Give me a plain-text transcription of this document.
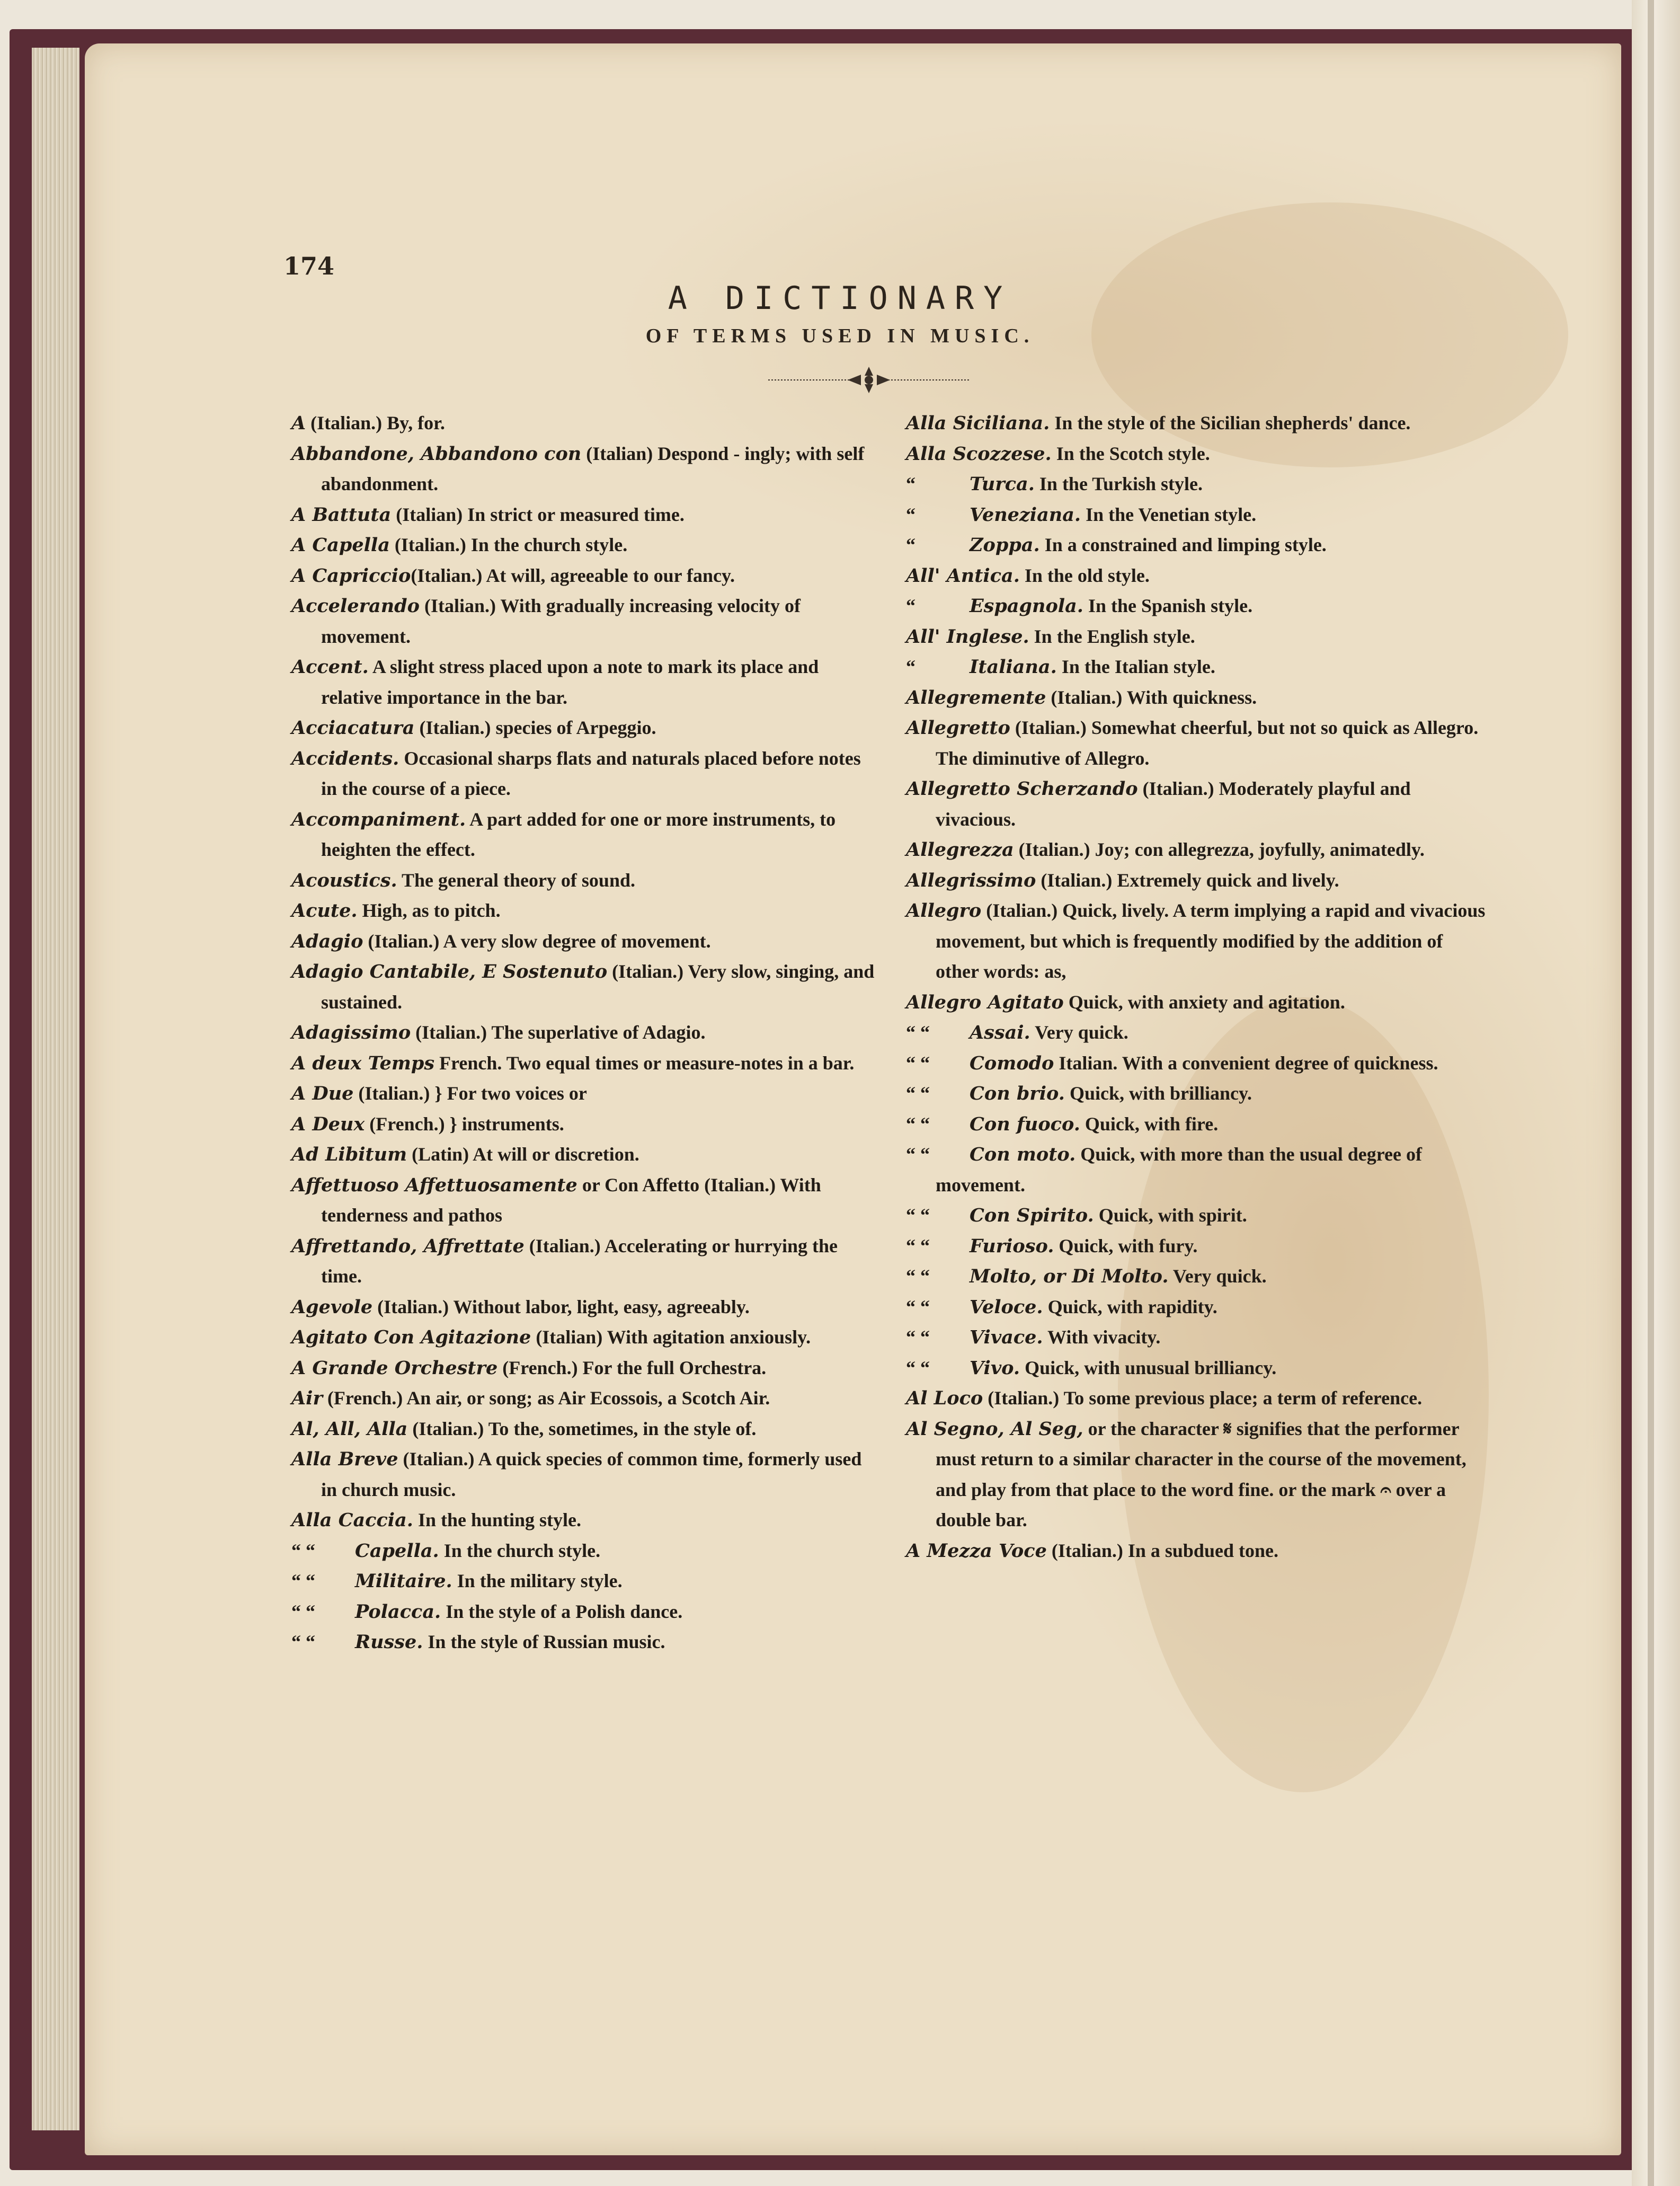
174
A DICTIONARY
OF TERMS USED IN MUSIC.
A (Italian.) By, for.
Abbandone, Abbandono con (Italian) Despond - ingly; with self abandonment.
A Battuta (Italian) In strict or measured time.
A Capella (Italian.) In the church style.
A Capriccio(Italian.) At will, agreeable to our fancy.
Accelerando (Italian.) With gradually increasing velocity of movement.
Accent. A slight stress placed upon a note to mark its place and relative importance in the bar.
Acciacatura (Italian.) species of Arpeggio.
Accidents. Occasional sharps flats and naturals placed before notes in the course of a piece.
Accompaniment. A part added for one or more instruments, to heighten the effect.
Acoustics. The general theory of sound.
Acute. High, as to pitch.
Adagio (Italian.) A very slow degree of movement.
Adagio Cantabile, E Sostenuto (Italian.) Very slow, singing, and sustained.
Adagissimo (Italian.) The superlative of Adagio.
A deux Temps French. Two equal times or measure-notes in a bar.
A Due (Italian.) } For two voices or
A Deux (French.) } instruments.
Ad Libitum (Latin) At will or discretion.
Affettuoso Affettuosamente or Con Affetto (Italian.) With tenderness and pathos
Affrettando, Affrettate (Italian.) Accelerating or hurrying the time.
Agevole (Italian.) Without labor, light, easy, agreeably.
Agitato Con Agitazione (Italian) With agitation anxiously.
A Grande Orchestre (French.) For the full Orchestra.
Air (French.) An air, or song; as Air Ecossois, a Scotch Air.
Al, All, Alla (Italian.) To the, sometimes, in the style of.
Alla Breve (Italian.) A quick species of common time, formerly used in church music.
Alla Caccia. In the hunting style.
“ “ Capella. In the church style.
“ “ Militaire. In the military style.
“ “ Polacca. In the style of a Polish dance.
“ “ Russe. In the style of Russian music.
Alla Siciliana. In the style of the Sicilian shepherds' dance.
Alla Scozzese. In the Scotch style.
“	Turca. In the Turkish style.
“	Veneziana. In the Venetian style.
“	Zoppa. In a constrained and limping style.
All' Antica. In the old style.
“	Espagnola. In the Spanish style.
All' Inglese. In the English style.
“	Italiana. In the Italian style.
Allegremente (Italian.) With quickness.
Allegretto (Italian.) Somewhat cheerful, but not so quick as Allegro. The diminutive of Allegro.
Allegretto Scherzando (Italian.) Moderately playful and vivacious.
Allegrezza (Italian.) Joy; con allegrezza, joyfully, animatedly.
Allegrissimo (Italian.) Extremely quick and lively.
Allegro (Italian.) Quick, lively. A term implying a rapid and vivacious movement, but which is frequently modified by the addition of other words: as,
Allegro Agitato Quick, with anxiety and agitation.
“ “ Assai. Very quick.
“ “ Comodo Italian. With a convenient degree of quickness.
“ “ Con brio. Quick, with brilliancy.
“ “ Con fuoco. Quick, with fire.
“ “ Con moto. Quick, with more than the usual degree of movement.
“ “ Con Spirito. Quick, with spirit.
“ “ Furioso. Quick, with fury.
“ “ Molto, or Di Molto. Very quick.
“ “ Veloce. Quick, with rapidity.
“ “ Vivace. With vivacity.
“ “ Vivo. Quick, with unusual brilliancy.
Al Loco (Italian.) To some previous place; a term of reference.
Al Segno, Al Seg, or the character 𝄋 signifies that the performer must return to a similar character in the course of the movement, and play from that place to the word fine. or the mark 𝄐 over a double bar.
A Mezza Voce (Italian.) In a subdued tone.
